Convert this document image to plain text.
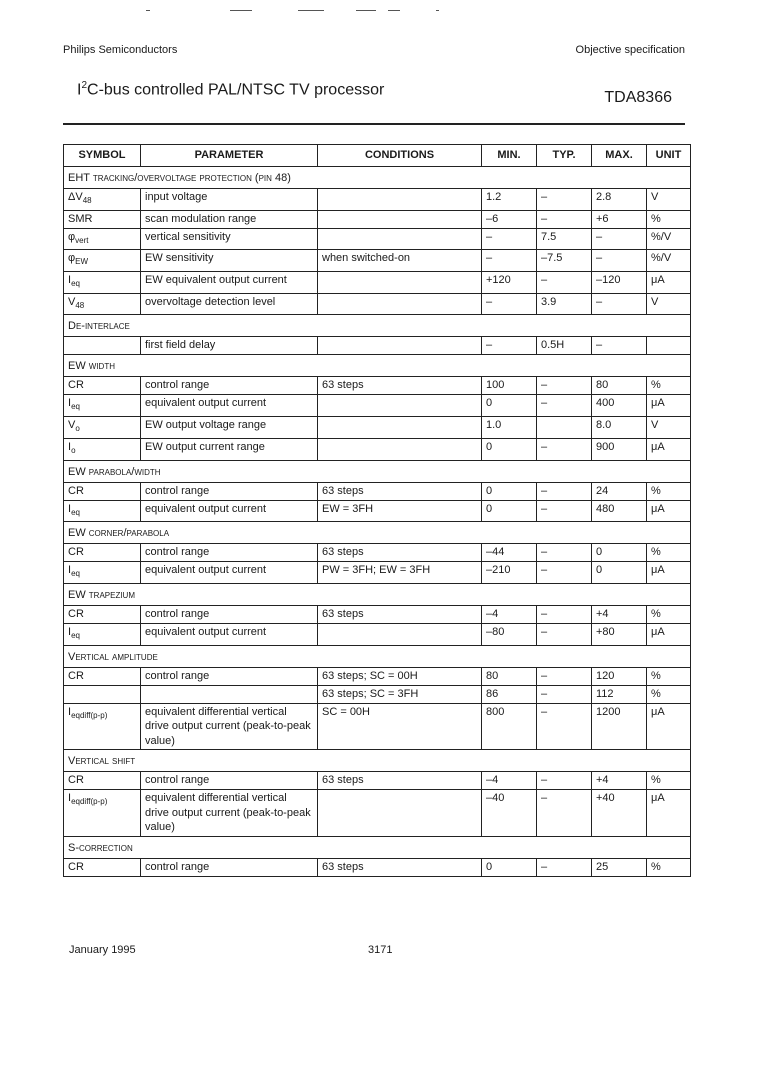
Philips Semiconductors	Objective specification
$I^2C$-bus controlled PAL/NTSC TV processor	TDA8366
SYMBOL	PARAMETER	CONDITIONS	MIN.	TYP.	MAX.	UNIT
EHT tracking/overvoltage protection (pin 48)						
$\Delta V_{48}$	input voltage		1.2	–	2.8	V
SMR	scan modulation range		–6	–	+6	%
$\varphi_{vert}$	vertical sensitivity		–	7.5	–	%/V
$\varphi_{EW}$	EW sensitivity	when switched-on	–	–7.5	–	%/V
$I_{eq}$	EW equivalent output current		+120	–	–120	μA
$V_{48}$	overvoltage detection level		–	3.9	–	V
De-interlace						
	first field delay		–	0.5H	–	
EW width						
CR	control range	63 steps	100	–	80	%
$I_{eq}$	equivalent output current		0	–	400	μA
$V_o$	EW output voltage range		1.0		8.0	V
$I_o$	EW output current range		0	–	900	μA
EW parabola/width						
CR	control range	63 steps	0	–	24	%
$I_{eq}$	equivalent output current	EW = 3FH	0	–	480	μA
EW corner/parabola						
CR	control range	63 steps	–44	–	0	%
$I_{eq}$	equivalent output current	PW = 3FH; EW = 3FH	–210	–	0	μA
EW trapezium						
CR	control range	63 steps	–4	–	+4	%
$I_{eq}$	equivalent output current		–80	–	+80	μA
Vertical amplitude						
CR	control range	63 steps; SC = 00H	80	–	120	%
		63 steps; SC = 3FH	86	–	112	%
$I_{eqdiff(p-p)}$	equivalent differential vertical drive output current (peak-to-peak value)	SC = 00H	800	–	1200	μA
Vertical shift						
CR	control range	63 steps	–4	–	+4	%
$I_{eqdiff(p-p)}$	equivalent differential vertical drive output current (peak-to-peak value)		–40	–	+40	μA
S-correction						
CR	control range	63 steps	0	–	25	%
January 1995	3171
